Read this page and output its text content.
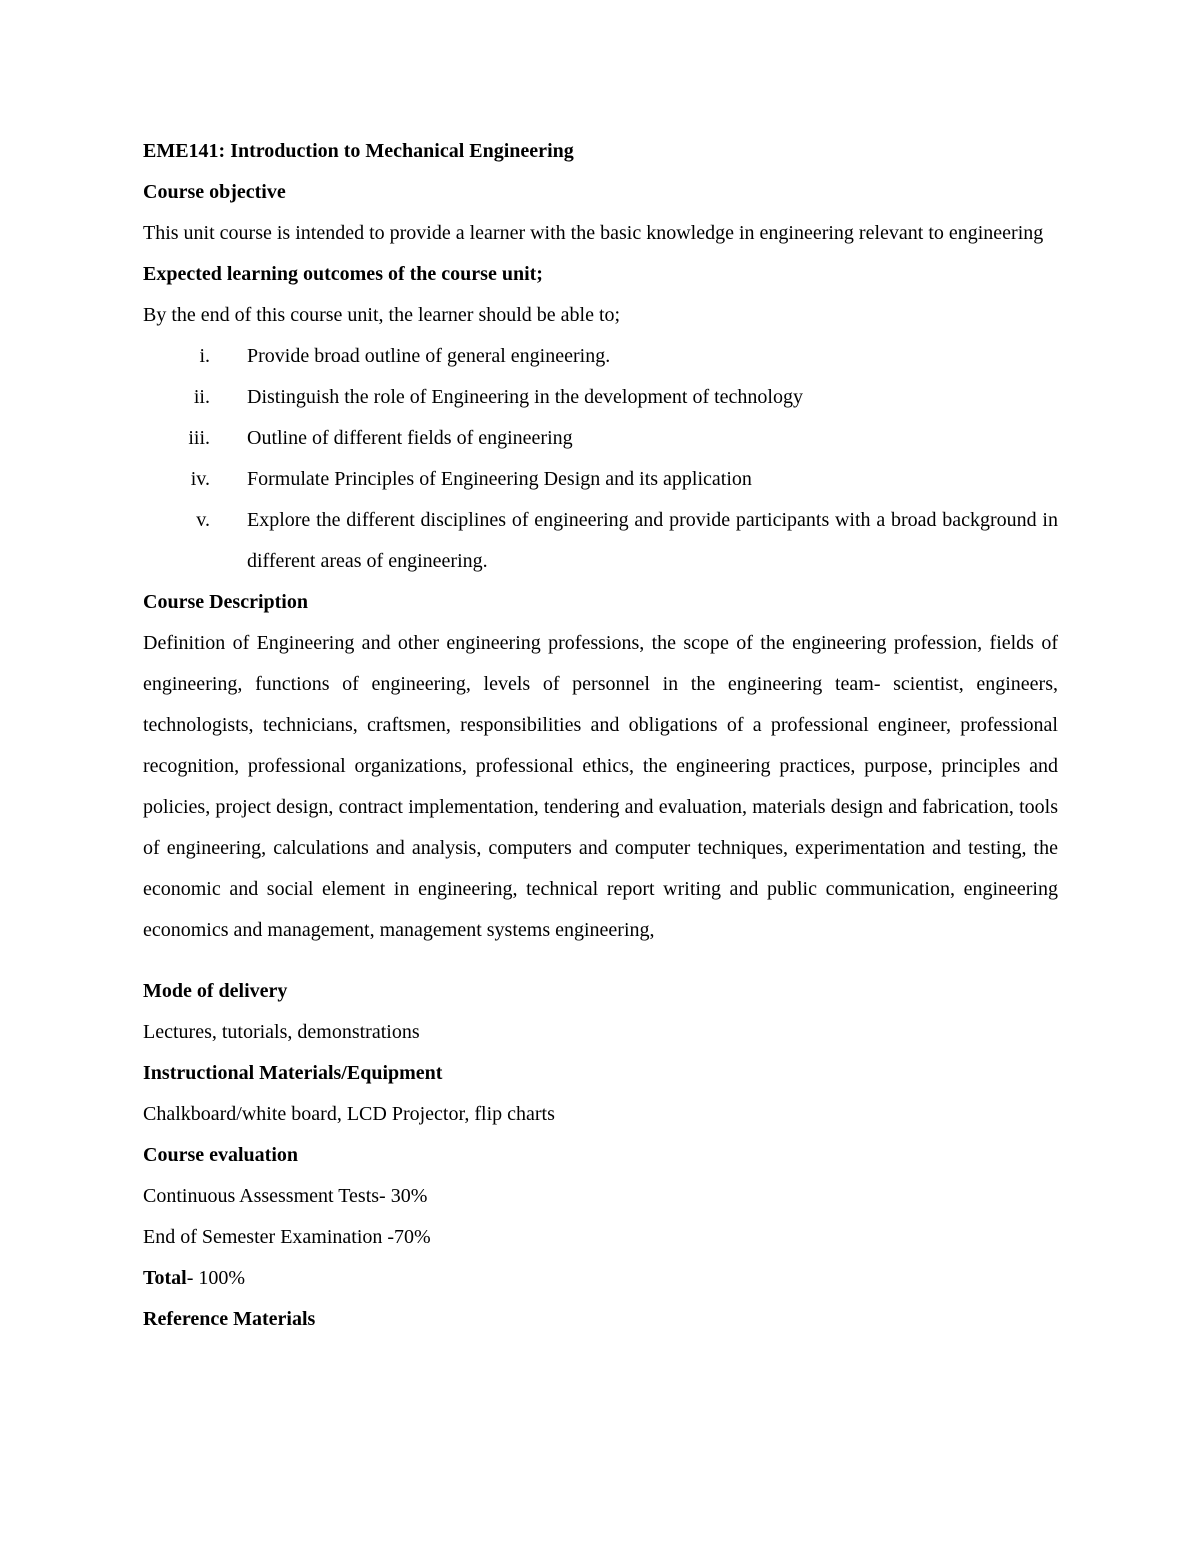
EME141: Introduction to Mechanical Engineering

Course objective

This unit course is intended to provide a learner with the basic knowledge in engineering relevant to engineering

Expected learning outcomes of the course unit;

By the end of this course unit, the learner should be able to;

i. Provide broad outline of general engineering.
ii. Distinguish the role of Engineering in the development of technology
iii. Outline of different fields of engineering
iv. Formulate Principles of Engineering Design and its application
v. Explore the different disciplines of engineering and provide participants with a broad background in different areas of engineering.

Course Description

Definition of Engineering and other engineering professions, the scope of the engineering profession, fields of engineering, functions of engineering, levels of personnel in the engineering team- scientist, engineers, technologists, technicians, craftsmen, responsibilities and obligations of a professional engineer, professional recognition, professional organizations, professional ethics, the engineering practices, purpose, principles and policies, project design, contract implementation, tendering and evaluation, materials design and fabrication, tools of engineering, calculations and analysis, computers and computer techniques, experimentation and testing, the economic and social element in engineering, technical report writing and public communication, engineering economics and management, management systems engineering,

Mode of delivery

Lectures, tutorials, demonstrations

Instructional Materials/Equipment

Chalkboard/white board, LCD Projector, flip charts

Course evaluation

Continuous Assessment Tests- 30%

End of Semester Examination -70%

Total- 100%

Reference Materials
